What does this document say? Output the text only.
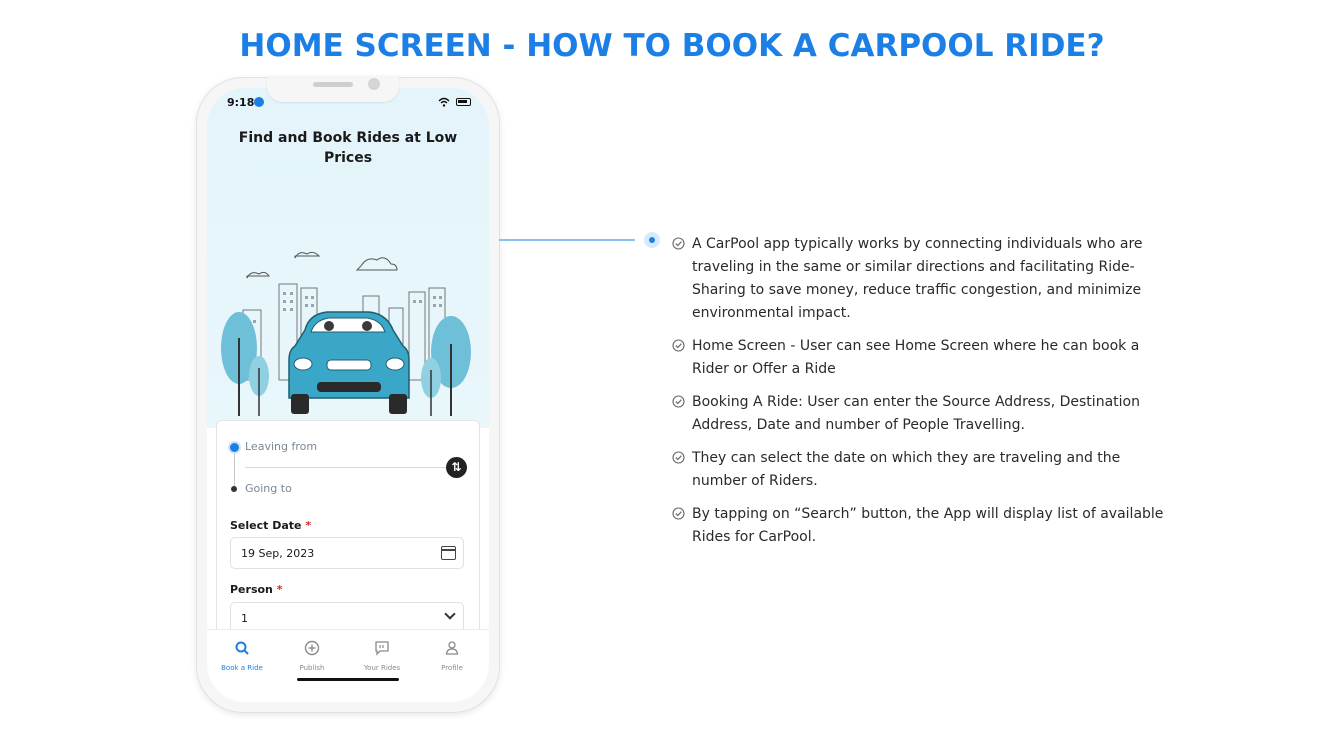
HOME SCREEN - HOW TO BOOK A CARPOOL RIDE?
9:18
Find and Book Rides at Low Prices
Leaving from
Going to
⇅
Select Date *
19 Sep, 2023
Person *
1
Book a Ride	Publish	Your Rides	Profile
A CarPool app typically works by connecting individuals who are traveling in the same or similar directions and facilitating Ride-Sharing to save money, reduce traffic congestion, and minimize environmental impact.
Home Screen - User can see Home Screen where he can book a Rider or Offer a Ride
Booking A Ride: User can enter the Source Address, Destination Address, Date and number of People Travelling.
They can select the date on which they are traveling and the number of Riders.
By tapping on “Search” button, the App will display list of available Rides for CarPool.
